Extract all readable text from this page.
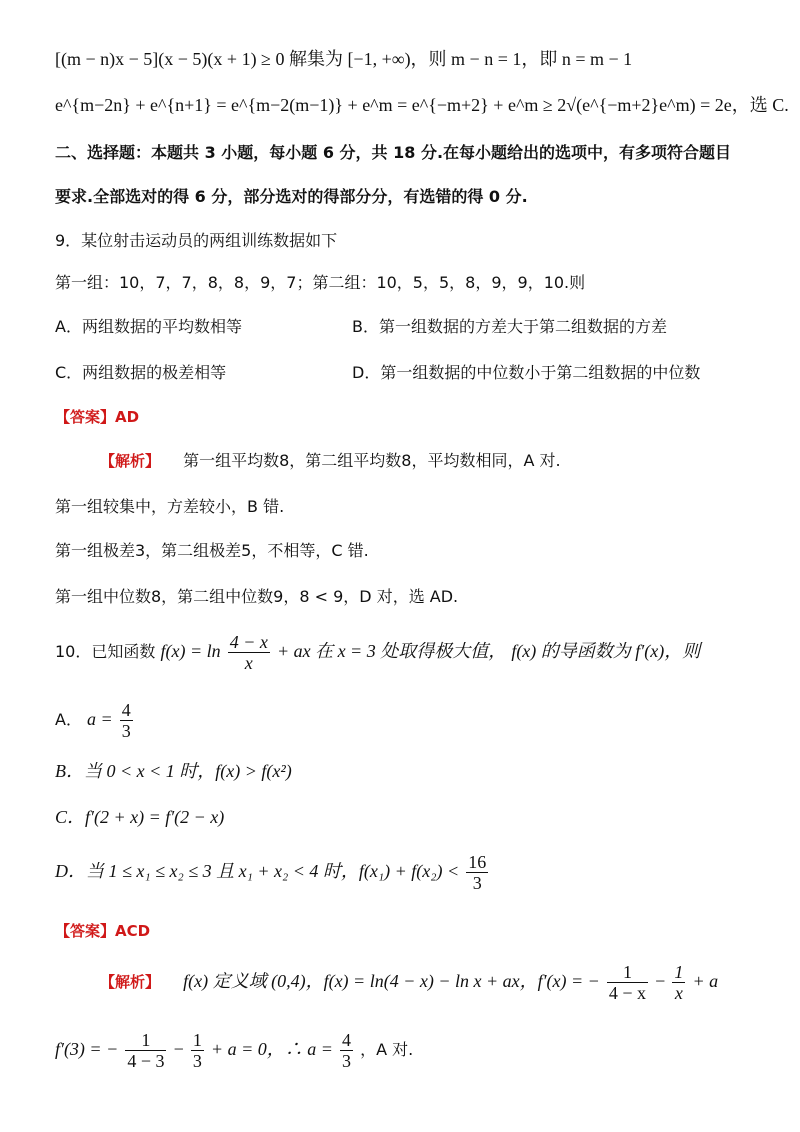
[(m − n)x − 5](x − 5)(x + 1) ≥ 0 解集为 [−1, +∞)，则 m − n = 1，即 n = m − 1
e^{m−2n} + e^{n+1} = e^{m−2(m−1)} + e^m = e^{−m+2} + e^m ≥ 2√(e^{−m+2}e^m) = 2e，选 C.
二、选择题：本题共 3 小题，每小题 6 分，共 18 分.在每小题给出的选项中，有多项符合题目
要求.全部选对的得 6 分，部分选对的得部分分，有选错的得 0 分.
9．某位射击运动员的两组训练数据如下
第一组：10，7，7，8，8，9，7；第二组：10，5，5，8，9，9，10.则
A．两组数据的平均数相等	B．第一组数据的方差大于第二组数据的方差
C．两组数据的极差相等	D．第一组数据的中位数小于第二组数据的中位数
【答案】AD
【解析】 第一组平均数8，第二组平均数8，平均数相同，A 对.
第一组较集中，方差较小，B 错.
第一组极差3，第二组极差5，不相等，C 错.
第一组中位数8，第二组中位数9，8 < 9，D 对，选 AD.
10．已知函数 $f(x) = \ln \frac{4 - x}{x}$ + ax 在 x = 3 处取得极大值， f(x) 的导函数为 f′(x)，则
A． $a = \frac{4}{3}$
B．当 0 < x < 1 时，f(x) > f(x²)
C．f′(2 + x) = f′(2 − x)
D．当 1 ≤ x₁ ≤ x₂ ≤ 3 且 x₁ + x₂ < 4 时，$f(x_1) + f(x_2) < \frac{16}{3}$
【答案】ACD
【解析】 f(x) 定义域 (0,4)，f(x) = ln(4 − x) − ln x + ax，f′(x) = − $\frac{1}{4 - x} - \frac{1}{x} + a$
f′(3) = − $\frac{1}{4 - 3} - \frac{1}{3} + a = 0$，∴ $a = \frac{4}{3}$ ，A 对.
